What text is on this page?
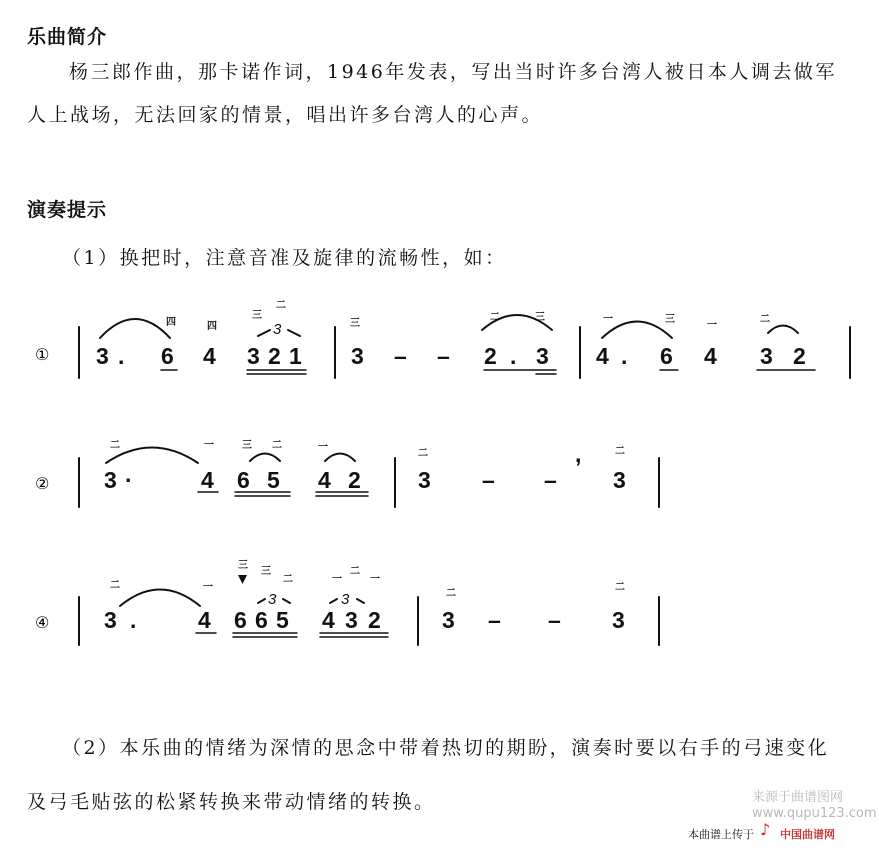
乐曲简介
杨三郎作曲，那卡诺作词，1946年发表，写出当时许多台湾人被日本人调去做军
人上战场，无法回家的情景，唱出许多台湾人的心声。
演奏提示
（1）换把时，注意音准及旋律的流畅性，如：
①
②
④
3 . 6 4 3 2 1 3 – – 2 . 3 4 . 6 4 3 2
四	四
三
二
三
二	三	一	三
一
二
3
3 ·	4 6 5 4 2 3 – –
,
3
二	一	三 二	一
二	二
3 .	4 6 6 5 4 3 2	3 – – 3
二	一
三
三
二	一
二
一
二
二
3	3
（2）本乐曲的情绪为深情的思念中带着热切的期盼，演奏时要以右手的弓速变化
及弓毛贴弦的松紧转换来带动情绪的转换。	来源于曲谱图网
www.qupu123.com
本曲谱上传于 ♪ 中国曲谱网
